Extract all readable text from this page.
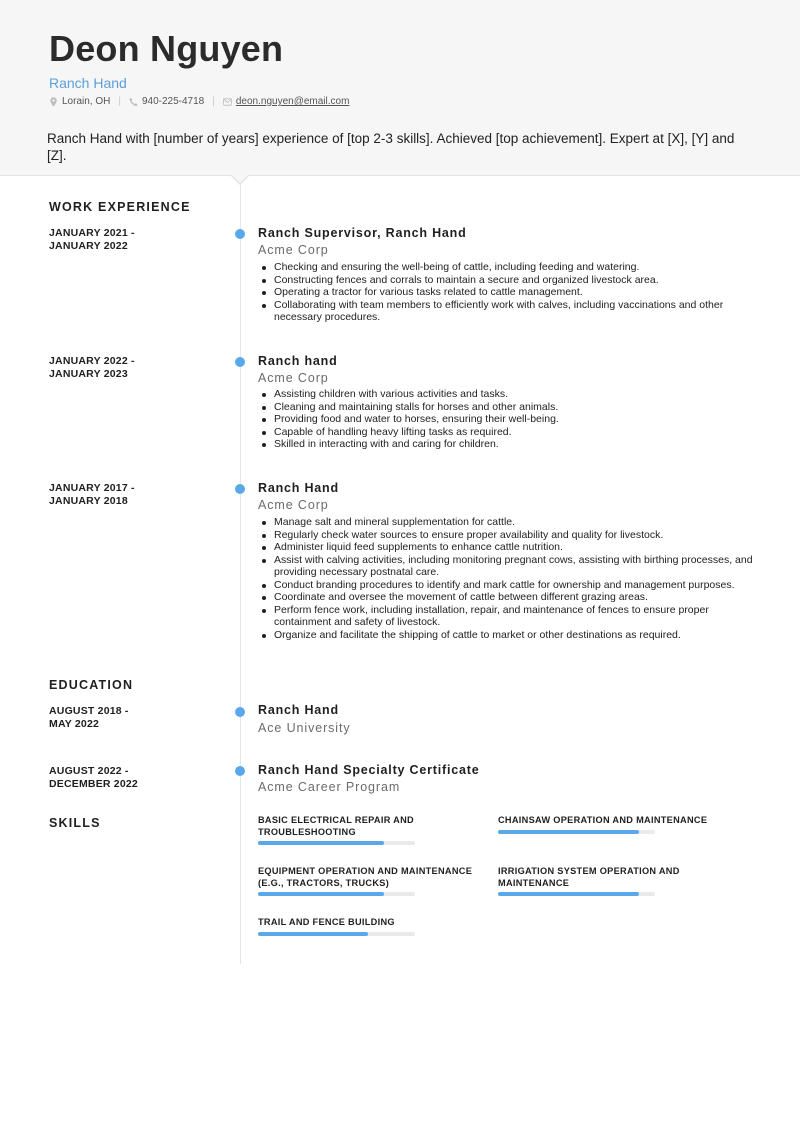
Deon Nguyen
Ranch Hand
Lorain, OH | 940-225-4718 | deon.nguyen@email.com
Ranch Hand with [number of years] experience of [top 2-3 skills]. Achieved [top achievement]. Expert at [X], [Y] and [Z].
WORK EXPERIENCE
JANUARY 2021 -
JANUARY 2022
Ranch Supervisor, Ranch Hand
Acme Corp
Checking and ensuring the well-being of cattle, including feeding and watering.
Constructing fences and corrals to maintain a secure and organized livestock area.
Operating a tractor for various tasks related to cattle management.
Collaborating with team members to efficiently work with calves, including vaccinations and other necessary procedures.
JANUARY 2022 -
JANUARY 2023
Ranch hand
Acme Corp
Assisting children with various activities and tasks.
Cleaning and maintaining stalls for horses and other animals.
Providing food and water to horses, ensuring their well-being.
Capable of handling heavy lifting tasks as required.
Skilled in interacting with and caring for children.
JANUARY 2017 -
JANUARY 2018
Ranch Hand
Acme Corp
Manage salt and mineral supplementation for cattle.
Regularly check water sources to ensure proper availability and quality for livestock.
Administer liquid feed supplements to enhance cattle nutrition.
Assist with calving activities, including monitoring pregnant cows, assisting with birthing processes, and providing necessary postnatal care.
Conduct branding procedures to identify and mark cattle for ownership and management purposes.
Coordinate and oversee the movement of cattle between different grazing areas.
Perform fence work, including installation, repair, and maintenance of fences to ensure proper containment and safety of livestock.
Organize and facilitate the shipping of cattle to market or other destinations as required.
EDUCATION
AUGUST 2018 -
MAY 2022
Ranch Hand
Ace University
AUGUST 2022 -
DECEMBER 2022
Ranch Hand Specialty Certificate
Acme Career Program
SKILLS	BASIC ELECTRICAL REPAIR AND TROUBLESHOOTING
CHAINSAW OPERATION AND MAINTENANCE
EQUIPMENT OPERATION AND MAINTENANCE (E.G., TRACTORS, TRUCKS)
IRRIGATION SYSTEM OPERATION AND MAINTENANCE
TRAIL AND FENCE BUILDING
